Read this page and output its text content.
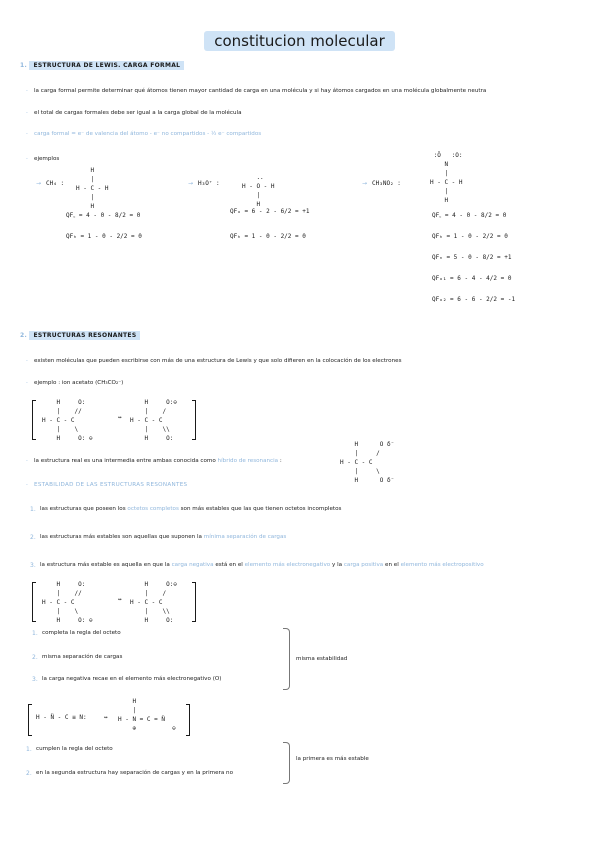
constitucion molecular
1. ESTRUCTURA DE LEWIS. CARGA FORMAL
· la carga formal permite determinar qué átomos tienen mayor cantidad de carga en una molécula y si hay átomos cargados en una molécula globalmente neutra
· el total de cargas formales debe ser igual a la carga global de la molécula
· carga formal = e⁻ de valencia del átomo - e⁻ no compartidos - ½ e⁻ compartidos
· ejemplos
→ CH₄ :
H
|
H - C - H
|
H
QF꜀ = 4 - 0 - 8/2 = 0
QFₕ = 1 - 0 - 2/2 = 0
→ H₃O⁺ :
..
H - O - H
|
H
QFₒ = 6 - 2 - 6/2 = +1
QFₕ = 1 - 0 - 2/2 = 0
→ CH₃NO₂ :
:Ö   :O:
N
|
H - C - H
|
H
QF꜀ = 4 - 0 - 8/2 = 0
QFₕ = 1 - 0 - 2/2 = 0
QFₙ = 5 - 0 - 8/2 = +1
QFₒ₁ = 6 - 4 - 4/2 = 0
QFₒ₂ = 6 - 6 - 2/2 = -1
2. ESTRUCTURAS RESONANTES
· existen moléculas que pueden escribirse con más de una estructura de Lewis y que solo difieren en la colocación de los electrones
· ejemplo : ion acetato (CH₃CO₂⁻)
H     O:
|    //
H - C - C
|    \
H     O: ⊖
↔
H     O:⊖
|    /
H - C - C
|    \\
H     O:
· la estructura real es una intermedia entre ambas conocida como híbrido de resonancia :
H      O δ⁻
|     /
H - C - C
|     \
H      O δ⁻
· ESTABILIDAD DE LAS ESTRUCTURAS RESONANTES
1. las estructuras que poseen los octetos completos son más estables que las que tienen octetos incompletos
2. las estructuras más estables son aquellas que suponen la mínima separación de cargas
3. la estructura más estable es aquella en que la carga negativa está en el elemento más electronegativo y la carga positiva en el elemento más electropositivo
H     O:
|    //
H - C - C
|    \
H     O: ⊖
↔
H     O:⊖
|    /
H - C - C
|    \\
H     O:
1. completa la regla del octeto
2. misma separación de cargas
3. la carga negativa recae en el elemento más electronegativo (O)
misma estabilidad
H - N̈ - C ≡ N:	↔
H
|
H - N = C = N̈
⊕          ⊖
1. cumplen la regla del octeto
2. en la segunda estructura hay separación de cargas y en la primera no
la primera es más estable
